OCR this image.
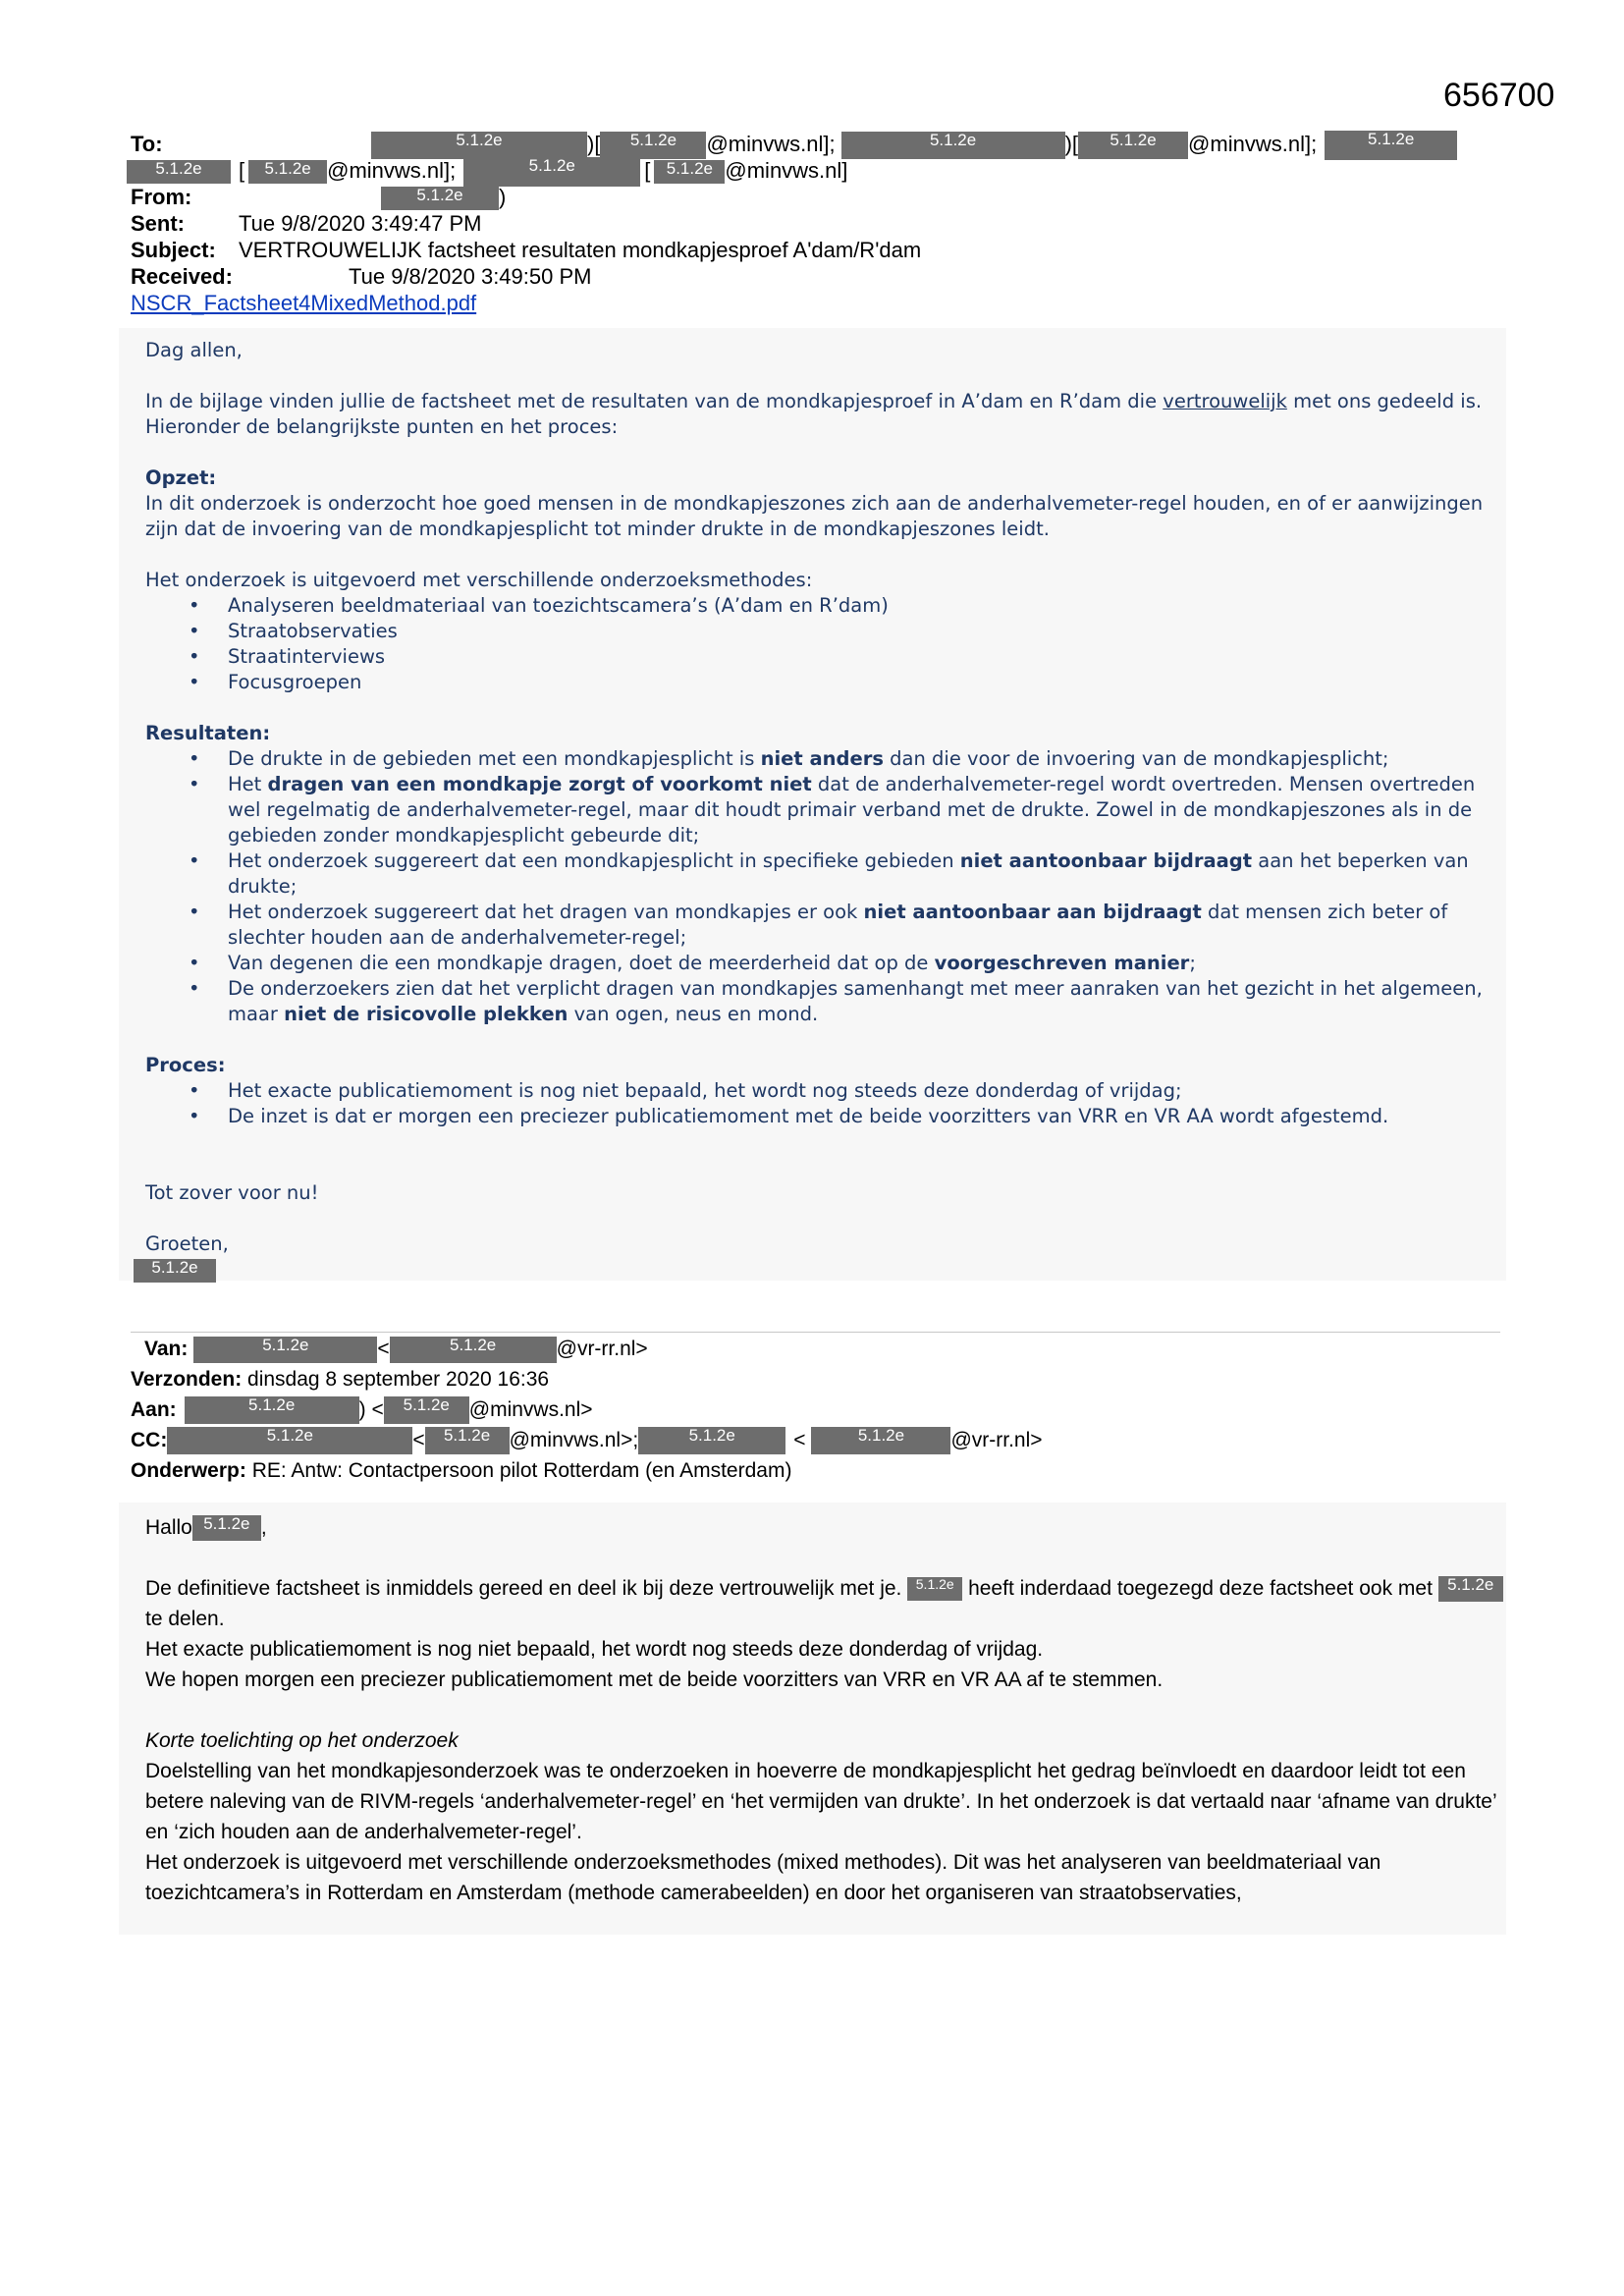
656700
To:	5.1.2e	)[ 5.1.2e @minvws.nl];	5.1.2e	)[ 5.1.2e @minvws.nl];	5.1.2e
5.1.2e [ 5.1.2e @minvws.nl];	5.1.2e	[ 5.1.2e @minvws.nl]
From:	5.1.2e )
Sent:	Tue 9/8/2020 3:49:47 PM
Subject: VERTROUWELIJK factsheet resultaten mondkapjesproef A'dam/R'dam
Received:	Tue 9/8/2020 3:49:50 PM
NSCR_Factsheet4MixedMethod.pdf

Dag allen,

In de bijlage vinden jullie de factsheet met de resultaten van de mondkapjesproef in A’dam en R’dam die vertrouwelijk met ons gedeeld is. Hieronder de belangrijkste punten en het proces:

Opzet:

In dit onderzoek is onderzocht hoe goed mensen in de mondkapjeszones zich aan de anderhalvemeter-regel houden, en of er aanwijzingen zijn dat de invoering van de mondkapjesplicht tot minder drukte in de mondkapjeszones leidt.

Het onderzoek is uitgevoerd met verschillende onderzoeksmethodes:

• Analyseren beeldmateriaal van toezichtscamera’s (A’dam en R’dam)
• Straatobservaties
• Straatinterviews
• Focusgroepen
Resultaten:
• De drukte in de gebieden met een mondkapjesplicht is niet anders dan die voor de invoering van de mondkapjesplicht;
• Het dragen van een mondkapje zorgt of voorkomt niet dat de anderhalvemeter-regel wordt overtreden. Mensen overtreden wel regelmatig de anderhalvemeter-regel, maar dit houdt primair verband met de drukte. Zowel in de mondkapjeszones als in de gebieden zonder mondkapjesplicht gebeurde dit;
• Het onderzoek suggereert dat een mondkapjesplicht in specifieke gebieden niet aantoonbaar bijdraagt aan het beperken van drukte;
• Het onderzoek suggereert dat het dragen van mondkapjes er ook niet aantoonbaar aan bijdraagt dat mensen zich beter of slechter houden aan de anderhalvemeter-regel;
• Van degenen die een mondkapje dragen, doet de meerderheid dat op de voorgeschreven manier;
• De onderzoekers zien dat het verplicht dragen van mondkapjes samenhangt met meer aanraken van het gezicht in het algemeen, maar niet de risicovolle plekken van ogen, neus en mond.
Proces:
• Het exacte publicatiemoment is nog niet bepaald, het wordt nog steeds deze donderdag of vrijdag;
• De inzet is dat er morgen een preciezer publicatiemoment met de beide voorzitters van VRR en VR AA wordt afgestemd.

Tot zover voor nu!

Groeten,

5.1.2e

Van:	5.1.2e	<	5.1.2e	@vr-rr.nl>
Verzonden: dinsdag 8 september 2020 16:36
Aan:	5.1.2e	) < 5.1.2e @minvws.nl>
CC:	5.1.2e	< 5.1.2e @minvws.nl>;	5.1.2e	<	5.1.2e @vr-rr.nl>
Onderwerp: RE: Antw: Contactpersoon pilot Rotterdam (en Amsterdam)

Hallo 5.1.2e ,

De definitieve factsheet is inmiddels gereed en deel ik bij deze vertrouwelijk met je. 5.1.2e heeft inderdaad toegezegd deze factsheet ook met 5.1.2e te delen.

Het exacte publicatiemoment is nog niet bepaald, het wordt nog steeds deze donderdag of vrijdag.

We hopen morgen een preciezer publicatiemoment met de beide voorzitters van VRR en VR AA af te stemmen.

Korte toelichting op het onderzoek

Doelstelling van het mondkapjesonderzoek was te onderzoeken in hoeverre de mondkapjesplicht het gedrag beïnvloedt en daardoor leidt tot een betere naleving van de RIVM-regels ‘anderhalvemeter-regel’ en ‘het vermijden van drukte’. In het onderzoek is dat vertaald naar ‘afname van drukte’ en ‘zich houden aan de anderhalvemeter-regel’.

Het onderzoek is uitgevoerd met verschillende onderzoeksmethodes (mixed methodes). Dit was het analyseren van beeldmateriaal van toezichtcamera’s in Rotterdam en Amsterdam (methode camerabeelden) en door het organiseren van straatobservaties,
